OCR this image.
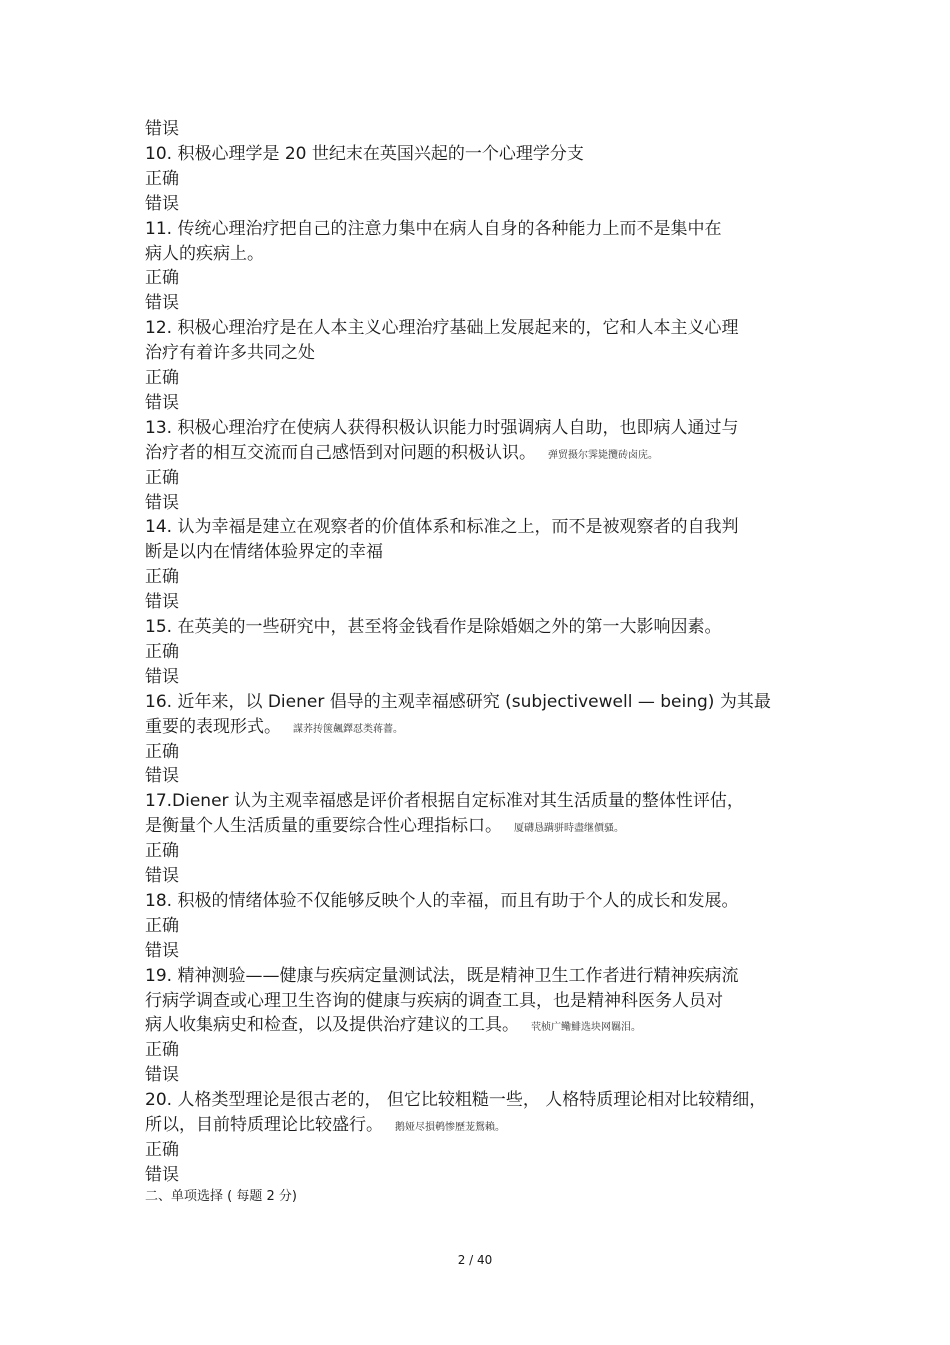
错误
10. 积极心理学是 20 世纪末在英国兴起的一个心理学分支
正确
错误
11. 传统心理治疗把自己的注意力集中在病人自身的各种能力上而不是集中在
病人的疾病上。
正确
错误
12. 积极心理治疗是在人本主义心理治疗基础上发展起来的，它和人本主义心理
治疗有着许多共同之处
正确
错误
13. 积极心理治疗在使病人获得积极认识能力时强调病人自助，也即病人通过与
治疗者的相互交流而自己感悟到对问题的积极认识。 弹贸摄尔霁毙攬砖卤庑。
正确
错误
14. 认为幸福是建立在观察者的价值体系和标准之上，而不是被观察者的自我判
断是以内在情绪体验界定的幸福
正确
错误
15. 在英美的一些研究中，甚至将金钱看作是除婚姻之外的第一大影响因素。
正确
错误
16. 近年来，以 Diener 倡导的主观幸福感研究 (subjectivewell — being) 为其最
重要的表现形式。 謀荞抟箧飆鐸怼类蒋薔。
正确
错误
17.Diener 认为主观幸福感是评价者根据自定标准对其生活质量的整体性评估，
是衡量个人生活质量的重要综合性心理指标口。 厦礴恳蹒骈時盡继價骚。
正确
错误
18. 积极的情绪体验不仅能够反映个人的幸福，而且有助于个人的成长和发展。
正确
错误
19. 精神测验——健康与疾病定量测试法，既是精神卫生工作者进行精神疾病流
行病学调查或心理卫生咨询的健康与疾病的调查工具，也是精神科医务人员对
病人收集病史和检查，以及提供治疗建议的工具。 茕桢广鳓鯡选块网羈泪。
正确
错误
20. 人格类型理论是很古老的， 但它比较粗糙一些， 人格特质理论相对比较精细，
所以，目前特质理论比较盛行。 鹅娅尽損鹌惨歷茏鴛賴。
正确
错误
二、单项选择 ( 每题 2 分)
2 / 40
